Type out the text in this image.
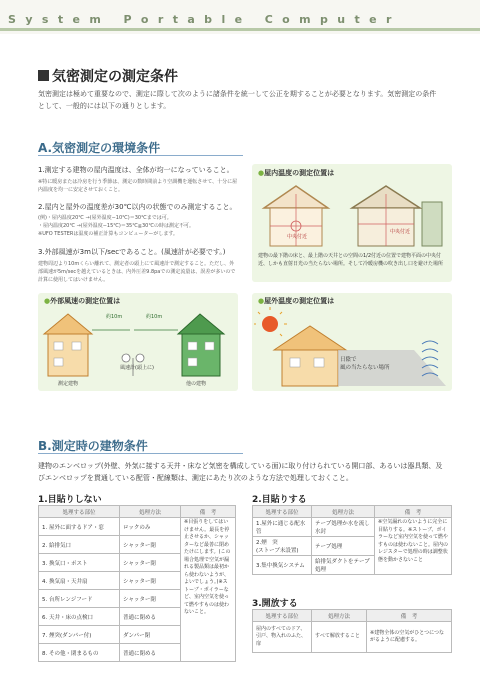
System Portable Computer
気密測定の測定条件
気密測定は極めて重要なので、測定に際して次のように諸条件を統一して公正を期することが必要となります。気密測定の条件として、一般的には以下の通りとします。
A.気密測定の環境条件
1.測定する建物の屋内温度は、全体が均一になっていること。
※特に暖房または冷房を行う季節は、測定の数時間前より空調機を運転させて、十分に屋内温度を均一に安定させておくこと。
2.屋内と屋外の温度差が30℃以内の状態でのみ測定すること。
(例)・屋内温度20℃ →(屋外温度−10℃)＝30℃までは可。
・屋内温度20℃ →(屋外温度−15℃)＝35℃≧30℃の時は測定不可。
※UFO TESTERは温度の補正計算もコンピューターがします。
3.外部風速が3m以下/secであること。(風速計が必要です。)
建物周辺より10mくらい離れて、測定者の頭上にて風速計で測定すること。ただし、外部風速が5m/secを越えているときは、内外圧差9.8paでの測定流量は、誤差が多いので計算に使用してはいけません。
●屋内温度の測定位置は
中央付近
中央付近
建物の最下階の床と、最上階の天井との空間の1/2付近の位置で建物平面の中央付近、しかも直射日光の当たらない場所。そして冷暖房機の吹き出し口を避けた場所
●外部風速の測定位置は
約10m	約10m
風速計(頭上に)
測定建物	他の建物
●屋外温度の測定位置は
日陰で
風の当たらない場所
B.測定時の建物条件
建物のエンベロップ(外壁、外気に接する天井・床など気密を構成している面)に取り付けられている開口部、あるいは器具類、及びエンベロップを貫通している配管・配線類は、測定にあたり次のような方法で処理しておくこと。
1.目貼りしない
処理する部位	処理方法	備　考
1. 屋外に面するドア・窓	ロックのみ	※目張りをしてはいけません。最長を停止させるか、シャッターなど最善に閉めたけにします。(この場合処理で空気が漏れる製品類は最初から使わないようが、よいでしょう。)※ストーブ・ボイラーなど、室内空気を使って燃やすものは使わないこと。
2. 給排気口	シャッター閉	
3. 換気口・ポスト	シャッター閉	
4. 換気扇・天井扇	シャッター閉	
5. 台所レンジフード	シャッター閉	
6. 天井・床の点検口	普通に閉める	
7. 煙突(ダンパー付)	ダンパー閉	
8. その他・閉まるもの	普通に閉める	
2.目貼りする
処理する部位	処理方法	備　考
1.屋外に通じる配水管	テープ処理か水を流し水封	※空気漏れのないように完全に目貼りする。※ストーブ、ボイラーなど室内空気を使って燃やすものは使わないこと。屋内のレジスターで処理の時は調整状態を動かさないこと
2.煙　突
(ストーブ未設置)	テープ処理	
3.集中換気システム	給排気ダクトをテープ処理	
3.開放する
処理する部位	処理方法	備　考
屋内のすべてのドア、引戸、物入れのふた、扉	すべて解放すること	※建物全体の空気がひとつにつながるように配慮する。
